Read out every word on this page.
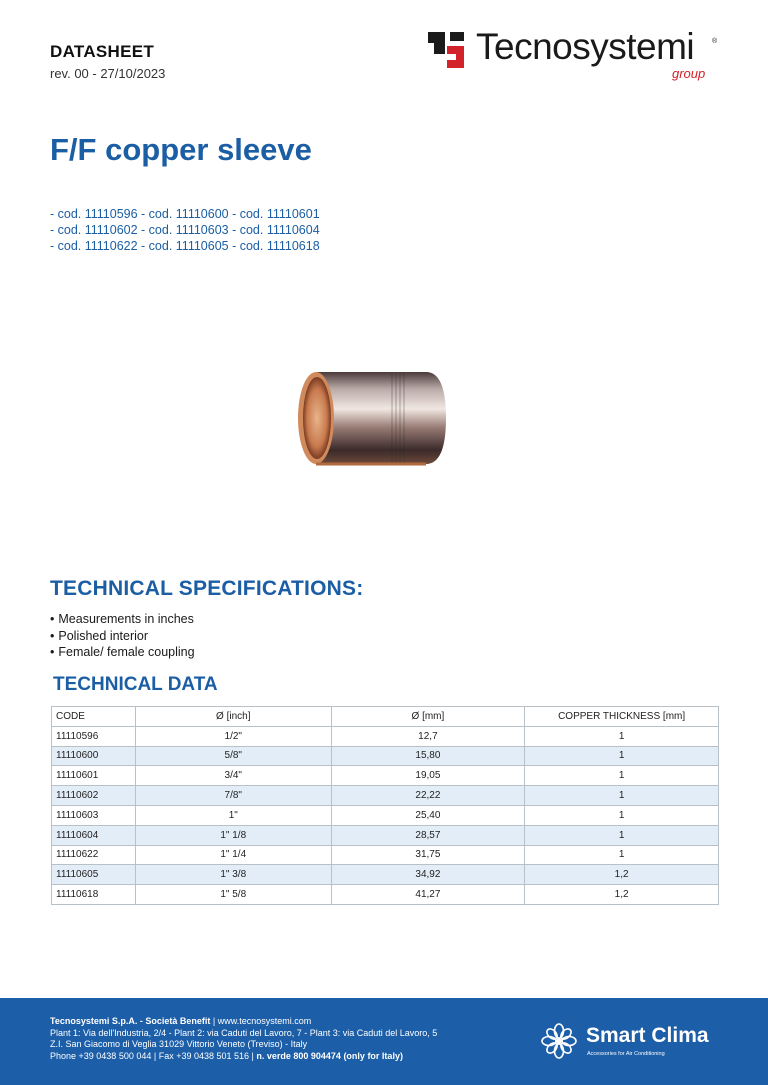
DATASHEET
rev. 00 - 27/10/2023
Tecnosystemi	®
group
F/F copper sleeve
- cod. 11110596 - cod. 11110600 - cod. 11110601
- cod. 11110602 - cod. 11110603 - cod. 11110604
- cod. 11110622 - cod. 11110605 - cod. 11110618
TECHNICAL SPECIFICATIONS:
• Measurements in inches
• Polished interior
• Female/ female coupling
TECHNICAL DATA
CODE	Ø [inch]	Ø [mm]	COPPER THICKNESS [mm]
11110596	1/2"	12,7	1
11110600	5/8"	15,80	1
11110601	3/4"	19,05	1
11110602	7/8"	22,22	1
11110603	1"	25,40	1
11110604	1" 1/8	28,57	1
11110622	1" 1/4	31,75	1
11110605	1" 3/8	34,92	1,2
11110618	1" 5/8	41,27	1,2
Tecnosystemi S.p.A. - Società Benefit | www.tecnosystemi.com
Plant 1: Via dell'Industria, 2/4 - Plant 2: via Caduti del Lavoro, 7 - Plant 3: via Caduti del Lavoro, 5
Z.I. San Giacomo di Veglia 31029 Vittorio Veneto (Treviso) - Italy
Phone +39 0438 500 044 | Fax +39 0438 501 516 | n. verde 800 904474 (only for Italy)
Smart Clima
Accessories for Air Conditioning
